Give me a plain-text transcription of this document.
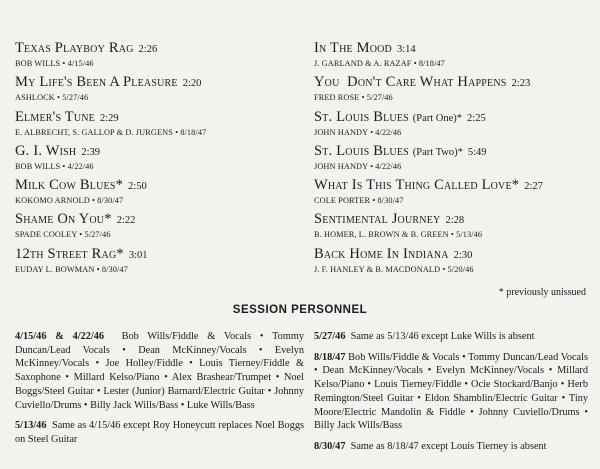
Texas Playboy Rag 2:26
BOB WILLS • 4/15/46
My Life's Been A Pleasure 2:20
ASHLOCK • 5/27/46
Elmer's Tune 2:29
E. ALBRECHT, S. GALLOP & D. JURGENS • 8/18/47
G. I. Wish 2:39
BOB WILLS • 4/22/46
Milk Cow Blues* 2:50
KOKOMO ARNOLD • 8/30/47
Shame On You* 2:22
SPADE COOLEY • 5/27/46
12th Street Rag* 3:01
EUDAY L. BOWMAN • 8/30/47
In The Mood 3:14
J. GARLAND & A. RAZAF • 8/18/47
You  Don't Care What Happens 2:23
FRED ROSE • 5/27/46
St. Louis Blues (Part One)* 2:25
JOHN HANDY • 4/22/46
St. Louis Blues (Part Two)* 5:49
JOHN HANDY • 4/22/46
What Is This Thing Called Love* 2:27
COLE PORTER • 8/30/47
Sentimental Journey 2:28
B. HOMER, L. BROWN & B. GREEN • 5/13/46
Back Home In Indiana 2:30
J. F. HANLEY & B. MACDONALD • 5/20/46
* previously unissued
SESSION PERSONNEL

4/15/46 & 4/22/46 Bob Wills/Fiddle & Vocals • Tommy Duncan/Lead Vocals • Dean McKinney/Vocals • Evelyn McKinney/Vocals • Joe Holley/Fiddle • Louis Tierney/Fiddle & Saxophone • Millard Kelso/Piano • Alex Brashear/Trumpet • Noel Boggs/Steel Guitar • Lester (Junior) Barnard/Electric Guitar • Johnny Cuviello/Drums • Billy Jack Wills/Bass • Luke Wills/Bass

5/13/46 Same as 4/15/46 except Roy Honeycutt replaces Noel Boggs on Steel Guitar

5/27/46 Same as 5/13/46 except Luke Wills is absent

8/18/47 Bob Wills/Fiddle & Vocals • Tommy Duncan/Lead Vocals • Dean McKinney/Vocals • Evelyn McKinney/Vocals • Millard Kelso/Piano • Louis Tierney/Fiddle • Ocie Stockard/Banjo • Herb Remington/Steel Guitar • Eldon Shamblin/Electric Guitar • Tiny Moore/Electric Mandolin & Fiddle • Johnny Cuviello/Drums • Billy Jack Wills/Bass

8/30/47 Same as 8/18/47 except Louis Tierney is absent
